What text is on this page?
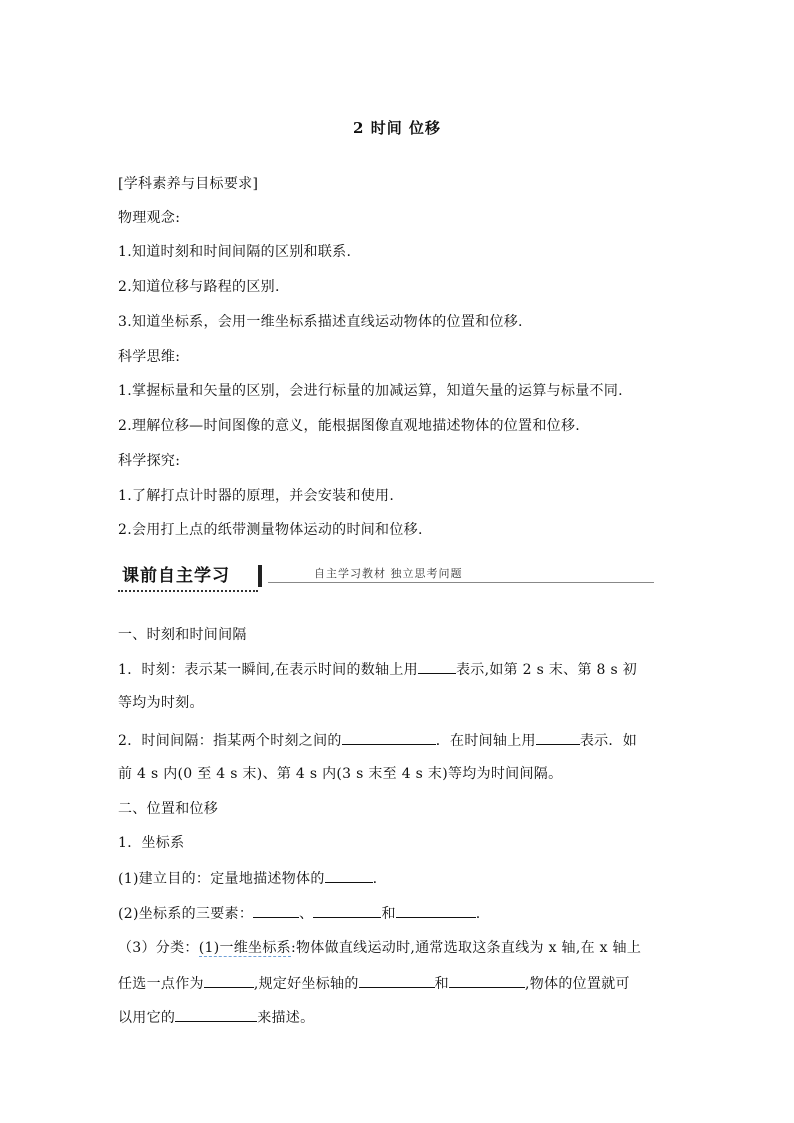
2 时间 位移
[学科素养与目标要求]
物理观念:
1.知道时刻和时间间隔的区别和联系.
2.知道位移与路程的区别.
3.知道坐标系，会用一维坐标系描述直线运动物体的位置和位移.
科学思维:
1.掌握标量和矢量的区别，会进行标量的加减运算，知道矢量的运算与标量不同.
2.理解位移—时间图像的意义，能根据图像直观地描述物体的位置和位移.
科学探究:
1.了解打点计时器的原理，并会安装和使用.
2.会用打上点的纸带测量物体运动的时间和位移.
课前自主学习	自主学习教材 独立思考问题
一、时刻和时间间隔
1．时刻：表示某一瞬间,在表示时间的数轴上用	表示,如第 2 s 末、第 8 s 初
等均为时刻。
2．时间间隔：指某两个时刻之间的	．在时间轴上用	表示．如
前 4 s 内(0 至 4 s 末)、第 4 s 内(3 s 末至 4 s 末)等均为时间间隔。
二、位置和位移
1．坐标系
(1)建立目的：定量地描述物体的	.
(2)坐标系的三要素：	、	和	.
（3）分类：(1)一维坐标系:物体做直线运动时,通常选取这条直线为 x 轴,在 x 轴上
任选一点作为	,规定好坐标轴的	和	,物体的位置就可
以用它的	来描述。
